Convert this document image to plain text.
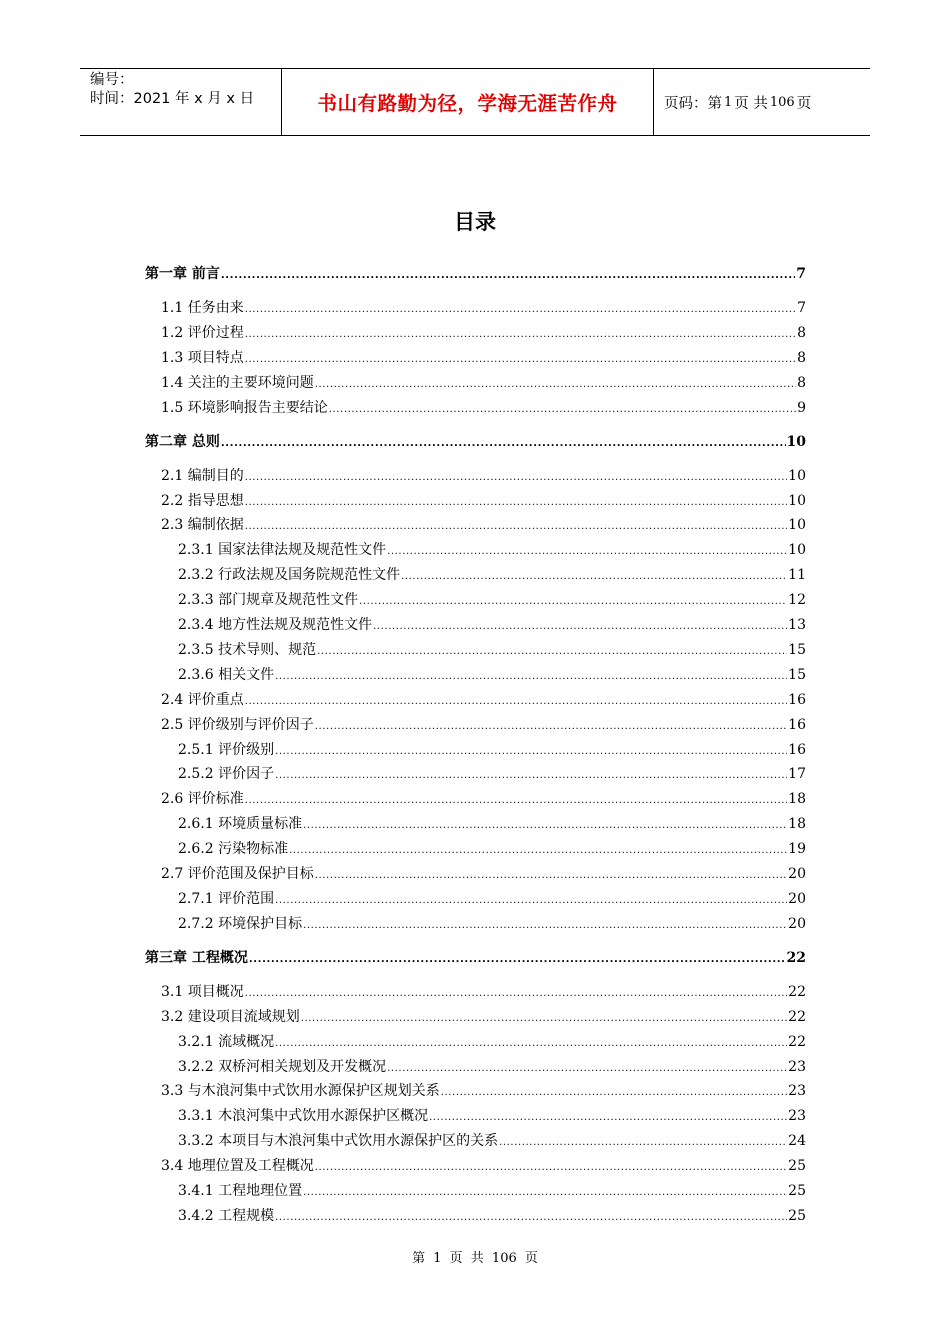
编号：
时间：2021 年 x 月 x 日	书山有路勤为径，学海无涯苦作舟	页码：第 1 页 共 106 页
目录
第一章 前言 .....	7
1.1 任务由来 .....	7
1.2 评价过程 .....	8
1.3 项目特点 .....	8
1.4 关注的主要环境问题 .....	8
1.5 环境影响报告主要结论 .....	9
第二章 总则 .....	10
2.1 编制目的 .....	10
2.2 指导思想 .....	10
2.3 编制依据 .....	10
2.3.1 国家法律法规及规范性文件 .....	10
2.3.2 行政法规及国务院规范性文件 .....	11
2.3.3 部门规章及规范性文件 .....	12
2.3.4 地方性法规及规范性文件 .....	13
2.3.5 技术导则、规范 .....	15
2.3.6 相关文件 .....	15
2.4 评价重点 .....	16
2.5 评价级别与评价因子 .....	16
2.5.1 评价级别 .....	16
2.5.2 评价因子 .....	17
2.6 评价标准 .....	18
2.6.1 环境质量标准 .....	18
2.6.2 污染物标准 .....	19
2.7 评价范围及保护目标 .....	20
2.7.1 评价范围 .....	20
2.7.2 环境保护目标 .....	20
第三章 工程概况 .....	22
3.1 项目概况 .....	22
3.2 建设项目流域规划 .....	22
3.2.1 流域概况 .....	22
3.2.2 双桥河相关规划及开发概况 .....	23
3.3 与木浪河集中式饮用水源保护区规划关系 .....	23
3.3.1 木浪河集中式饮用水源保护区概况 .....	23
3.3.2 本项目与木浪河集中式饮用水源保护区的关系 .....	24
3.4 地理位置及工程概况 .....	25
3.4.1 工程地理位置 .....	25
3.4.2 工程规模 .....	25
第 1 页 共 106 页
